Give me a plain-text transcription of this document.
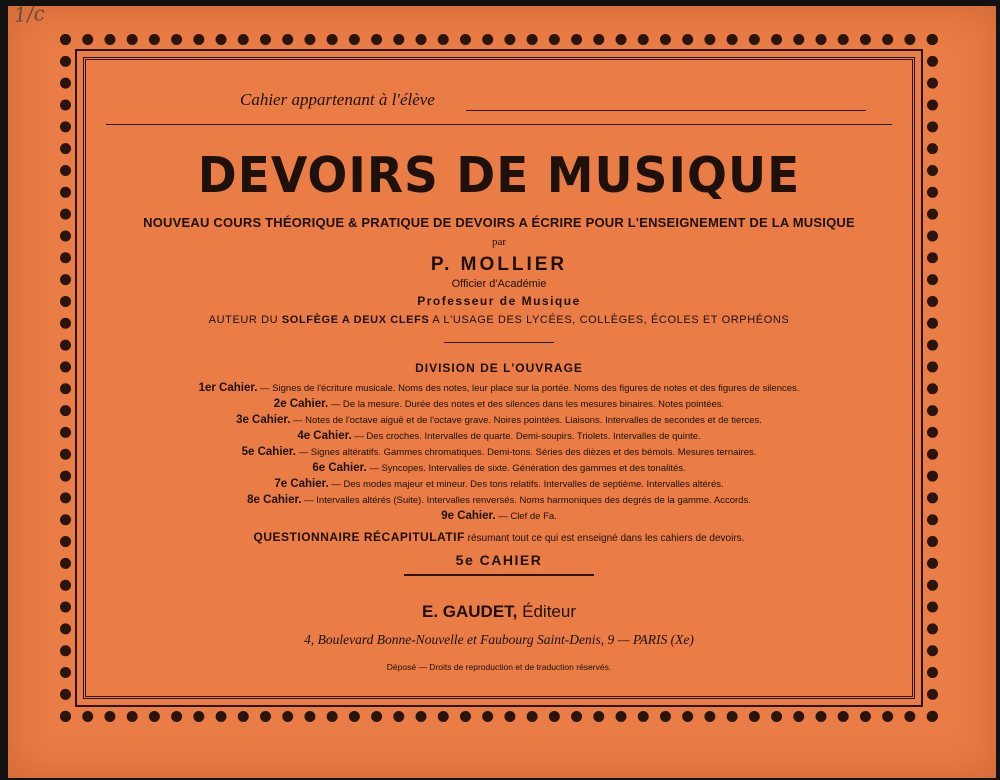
1/c
Cahier appartenant à l'élève
DEVOIRS DE MUSIQUE
NOUVEAU COURS THÉORIQUE & PRATIQUE DE DEVOIRS A ÉCRIRE POUR L'ENSEIGNEMENT DE LA MUSIQUE
par
P. MOLLIER
Officier d'Académie
Professeur de Musique
AUTEUR DU SOLFÈGE A DEUX CLEFS A L'USAGE DES LYCÉES, COLLÈGES, ÉCOLES ET ORPHÉONS
DIVISION DE L'OUVRAGE
1er Cahier. — Signes de l'écriture musicale. Noms des notes, leur place sur la portée. Noms des figures de notes et des figures de silences.
2e Cahier. — De la mesure. Durée des notes et des silences dans les mesures binaires. Notes pointées.
3e Cahier. — Notes de l'octave aiguë et de l'octave grave. Noires pointées. Liaisons. Intervalles de secondes et de tierces.
4e Cahier. — Des croches. Intervalles de quarte. Demi-soupirs. Triolets. Intervalles de quinte.
5e Cahier. — Signes altératifs. Gammes chromatiques. Demi-tons. Séries des dièzes et des bémols. Mesures ternaires.
6e Cahier. — Syncopes. Intervalles de sixte. Génération des gammes et des tonalités.
7e Cahier. — Des modes majeur et mineur. Des tons relatifs. Intervalles de septième. Intervalles altérés.
8e Cahier. — Intervalles altérés (Suite). Intervalles renversés. Noms harmoniques des degrés de la gamme. Accords.
QUESTIONNAIRE RÉCAPITULATIF résumant tout ce qui est enseigné dans les cahiers de devoirs.
9e Cahier. — Clef de Fa.
5e CAHIER
E. GAUDET, Éditeur
4, Boulevard Bonne-Nouvelle et Faubourg Saint-Denis, 9 — PARIS (Xe)
Déposé — Droits de reproduction et de traduction réservés.
